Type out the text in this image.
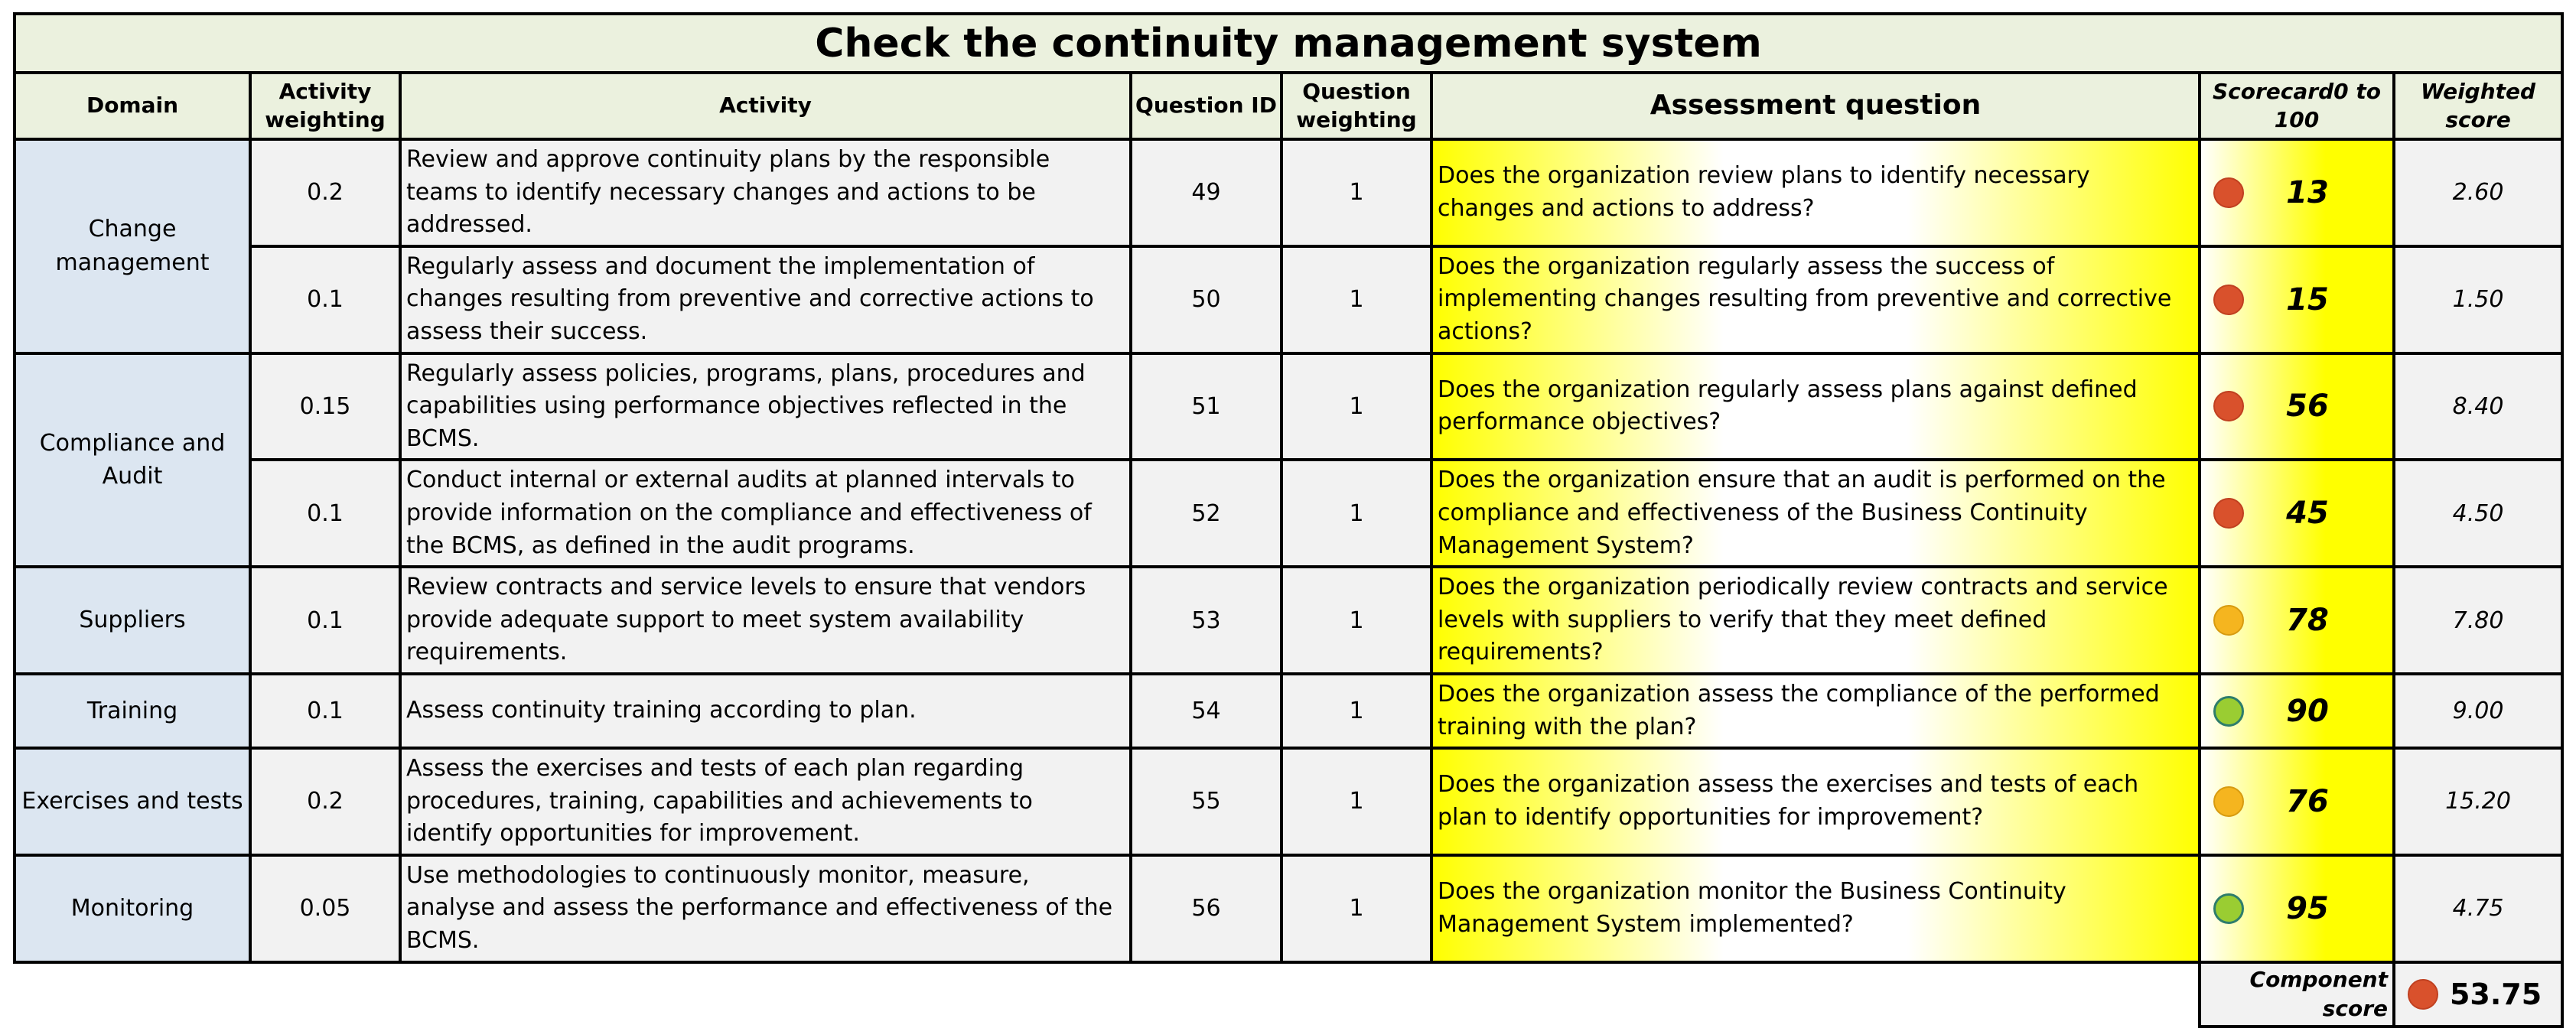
Check the continuity management system							
Domain	Activity weighting	Activity	Question ID	Question weighting	Assessment question	Scorecard0 to 100	Weighted score
Change management	0.2	Review and approve continuity plans by the responsible teams to identify necessary changes and actions to be addressed.	49	1	Does the organization review plans to identify necessary changes and actions to address?	13	2.60
	0.1	Regularly assess and document the implementation of changes resulting from preventive and corrective actions to assess their success.	50	1	Does the organization regularly assess the success of implementing changes resulting from preventive and corrective actions?	15	1.50
Compliance and Audit	0.15	Regularly assess policies, programs, plans, procedures and capabilities using performance objectives reflected in the BCMS.	51	1	Does the organization regularly assess plans against defined performance objectives?	56	8.40
	0.1	Conduct internal or external audits at planned intervals to provide information on the compliance and effectiveness of the BCMS, as defined in the audit programs.	52	1	Does the organization ensure that an audit is performed on the compliance and effectiveness of the Business Continuity Management System?	45	4.50
Suppliers	0.1	Review contracts and service levels to ensure that vendors provide adequate support to meet system availability requirements.	53	1	Does the organization periodically review contracts and service levels with suppliers to verify that they meet defined requirements?	78	7.80
Training	0.1	Assess continuity training according to plan.	54	1	Does the organization assess the compliance of the performed training with the plan?	90	9.00
Exercises and tests	0.2	Assess the exercises and tests of each plan regarding procedures, training, capabilities and achievements to identify opportunities for improvement.	55	1	Does the organization assess the exercises and tests of each plan to identify opportunities for improvement?	76	15.20
Monitoring	0.05	Use methodologies to continuously monitor, measure, analyse and assess the performance and effectiveness of the BCMS.	56	1	Does the organization monitor the Business Continuity Management System implemented?	95	4.75
						Component score	53.75
